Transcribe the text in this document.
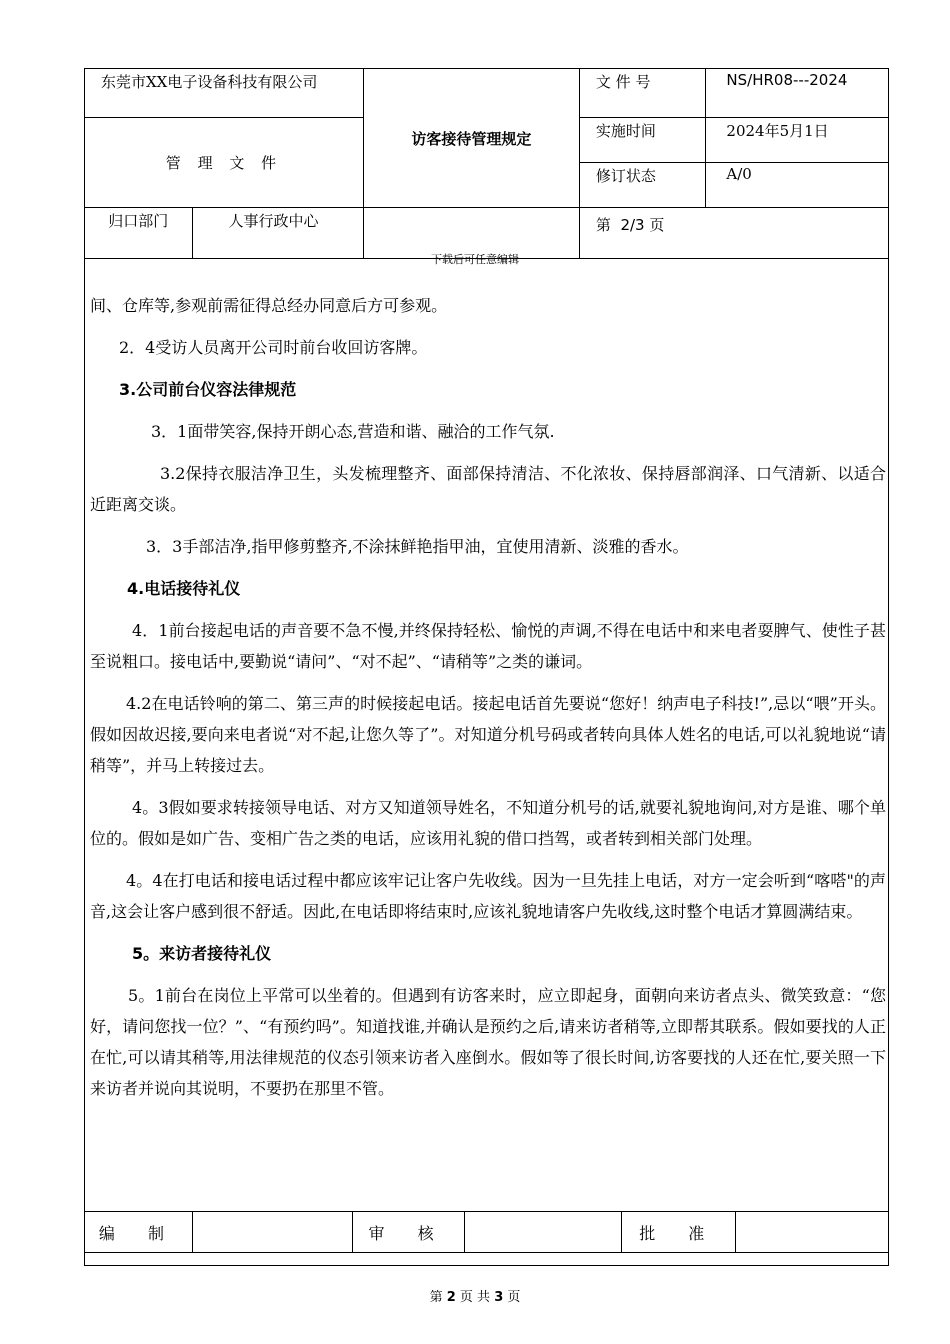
东莞市XX电子设备科技有限公司		访客接待管理规定	文 件 号	NS/HR08---2024
管 理 文 件			实施时间	2024年5月1日
			修订状态	A/0
归口部门	人事行政中心		第  2/3 页	
下载后可任意编辑

间、仓库等,参观前需征得总经办同意后方可参观。

2．4受访人员离开公司时前台收回访客牌。

3.公司前台仪容法律规范

3．1面带笑容,保持开朗心态,营造和谐、融洽的工作气氛.

3.2保持衣服洁净卫生，头发梳理整齐、面部保持清洁、不化浓妆、保持唇部润泽、口气清新、以适合近距离交谈。

3．3手部洁净,指甲修剪整齐,不涂抹鲜艳指甲油，宜使用清新、淡雅的香水。

4.电话接待礼仪

4．1前台接起电话的声音要不急不慢,并终保持轻松、愉悦的声调,不得在电话中和来电者耍脾气、使性子甚至说粗口。接电话中,要勤说“请问”、“对不起”、“请稍等”之类的谦词。

4.2在电话铃响的第二、第三声的时候接起电话。接起电话首先要说“您好！纳声电子科技!”,忌以“喂”开头。假如因故迟接,要向来电者说“对不起,让您久等了”。对知道分机号码或者转向具体人姓名的电话,可以礼貌地说“请稍等”，并马上转接过去。

4。3假如要求转接领导电话、对方又知道领导姓名，不知道分机号的话,就要礼貌地询问,对方是谁、哪个单位的。假如是如广告、变相广告之类的电话，应该用礼貌的借口挡驾，或者转到相关部门处理。

4。4在打电话和接电话过程中都应该牢记让客户先收线。因为一旦先挂上电话，对方一定会听到“喀嗒"的声音,这会让客户感到很不舒适。因此,在电话即将结束时,应该礼貌地请客户先收线,这时整个电话才算圆满结束。

5。来访者接待礼仪

5。1前台在岗位上平常可以坐着的。但遇到有访客来时，应立即起身，面朝向来访者点头、微笑致意：“您好，请问您找一位？”、“有预约吗”。知道找谁,并确认是预约之后,请来访者稍等,立即帮其联系。假如要找的人正在忙,可以请其稍等,用法律规范的仪态引领来访者入座倒水。假如等了很长时间,访客要找的人还在忙,要关照一下来访者并说向其说明，不要扔在那里不管。

编 制		审 核		批 准	
第 2 页 共 3 页
